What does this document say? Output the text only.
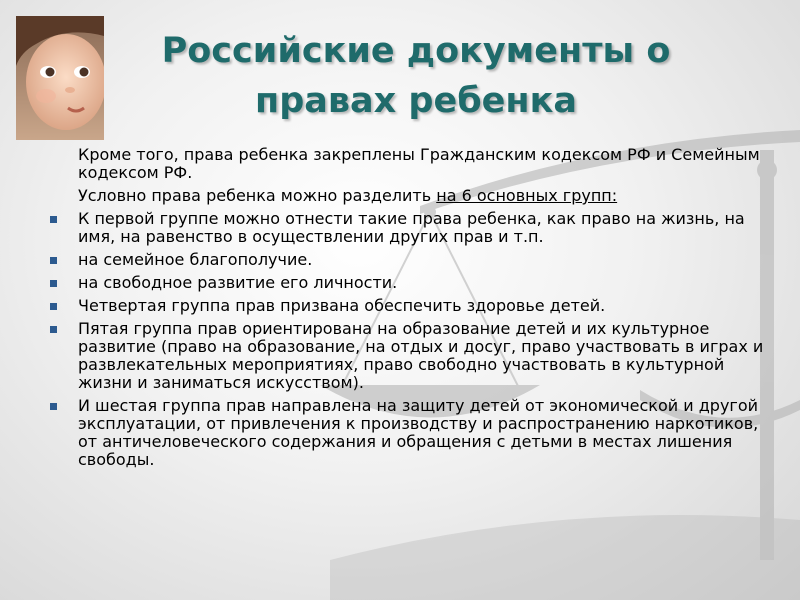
Российские документы о правах ребенка
Кроме того, права ребенка закреплены Гражданским кодексом РФ и Семейным кодексом РФ.
Условно права ребенка можно разделить на 6 основных групп:
К первой группе можно отнести такие права ребенка, как право на жизнь, на имя, на равенство в осуществлении других прав и т.п.
на семейное благополучие.
на свободное развитие его личности.
Четвертая группа прав призвана обеспечить здоровье детей.
Пятая группа прав ориентирована на образование детей и их культурное развитие (право на образование, на отдых и досуг, право участвовать в играх и развлекательных мероприятиях, право свободно участвовать в культурной жизни и заниматься искусством).
И шестая группа прав направлена на защиту детей от экономической и другой эксплуатации, от привлечения к производству и распространению наркотиков, от античеловеческого содержания и обращения с детьми в местах лишения свободы.
